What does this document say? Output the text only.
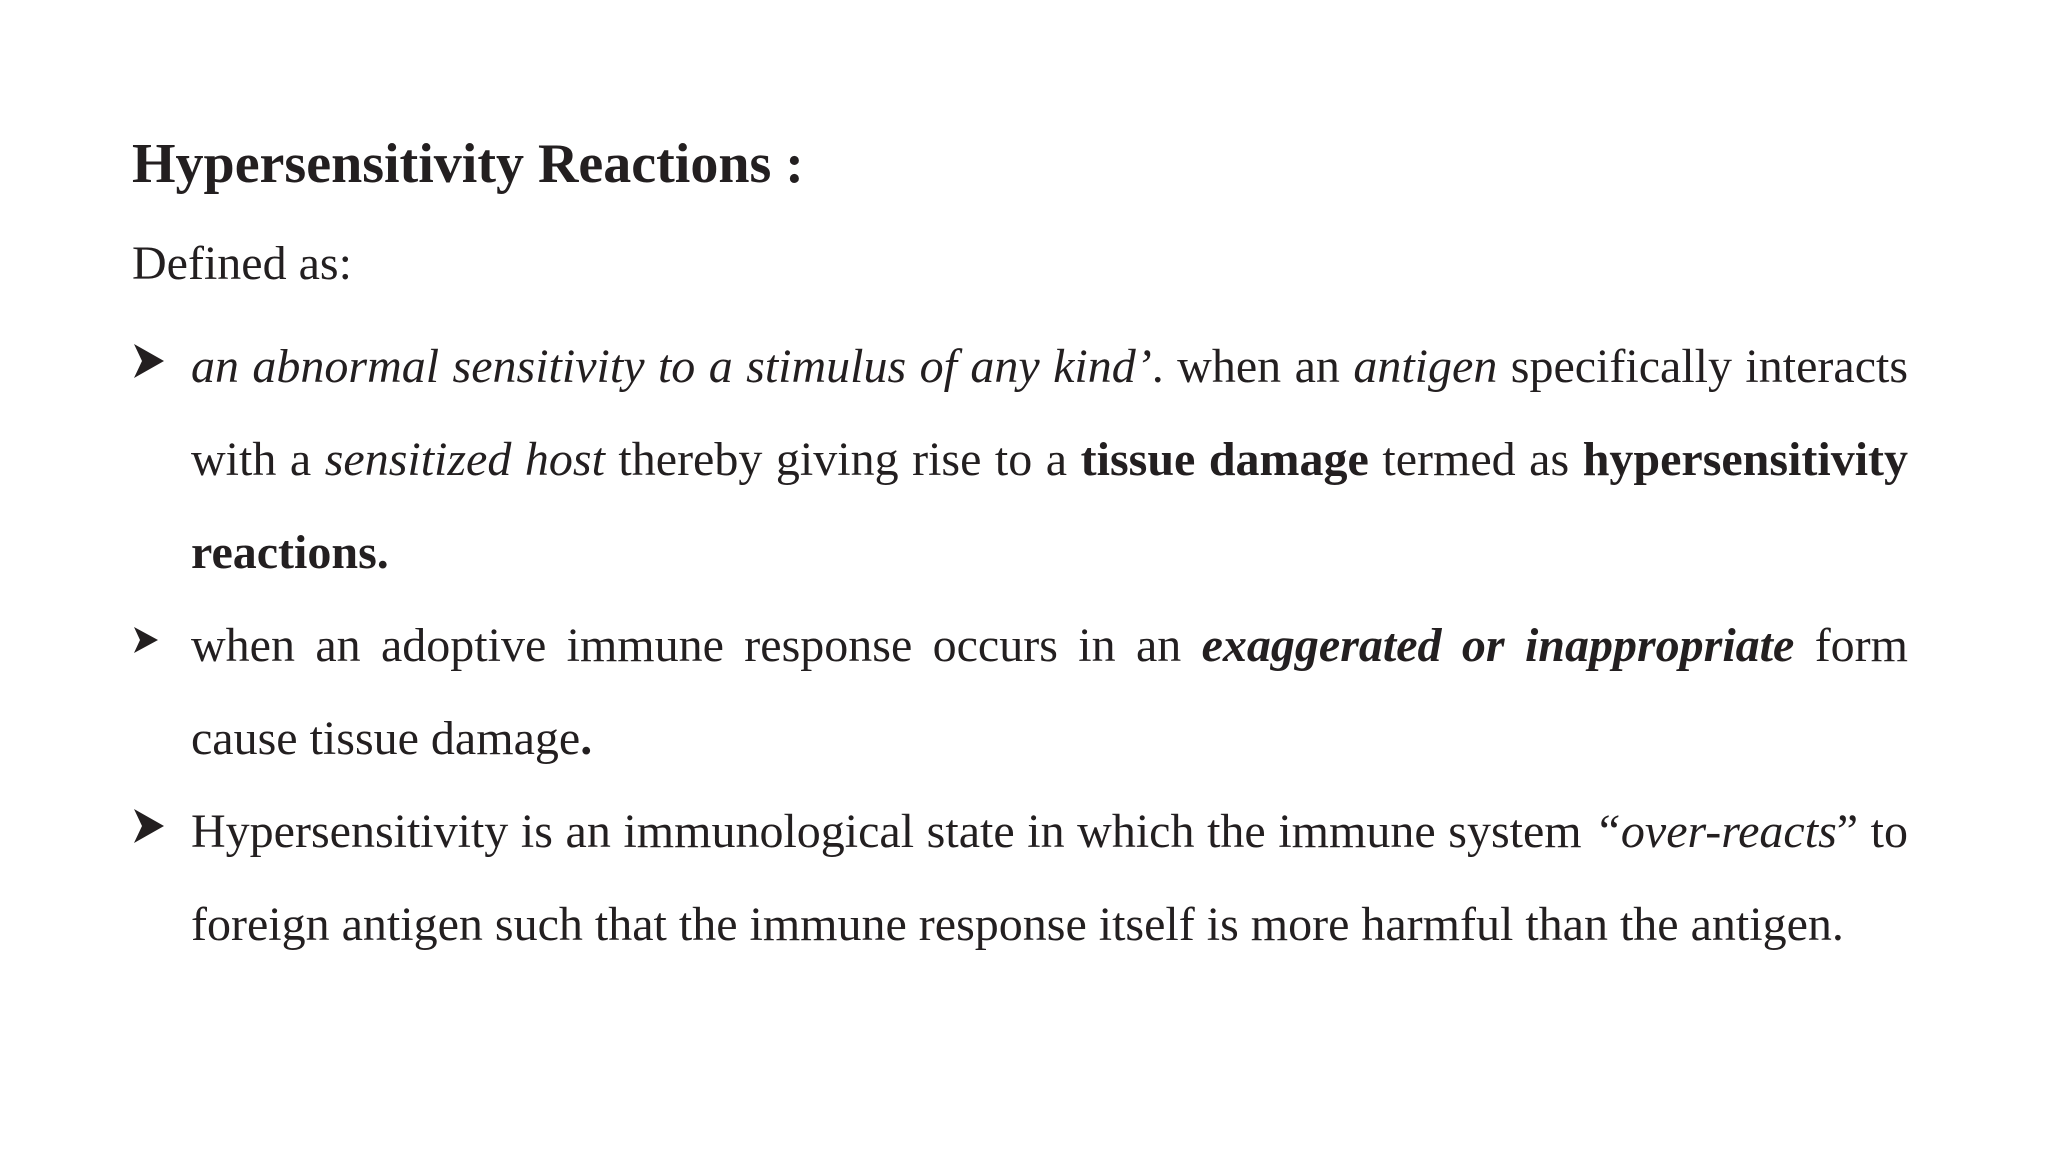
Hypersensitivity Reactions :

Defined as:

an abnormal sensitivity to a stimulus of any kind’. when an antigen specifically interacts with a sensitized host thereby giving rise to a tissue damage termed as hypersensitivity reactions.
when an adoptive immune response occurs in an exaggerated or inappropriate form cause tissue damage.
Hypersensitivity is an immunological state in which the immune system “over-reacts” to foreign antigen such that the immune response itself is more harmful than the antigen.
